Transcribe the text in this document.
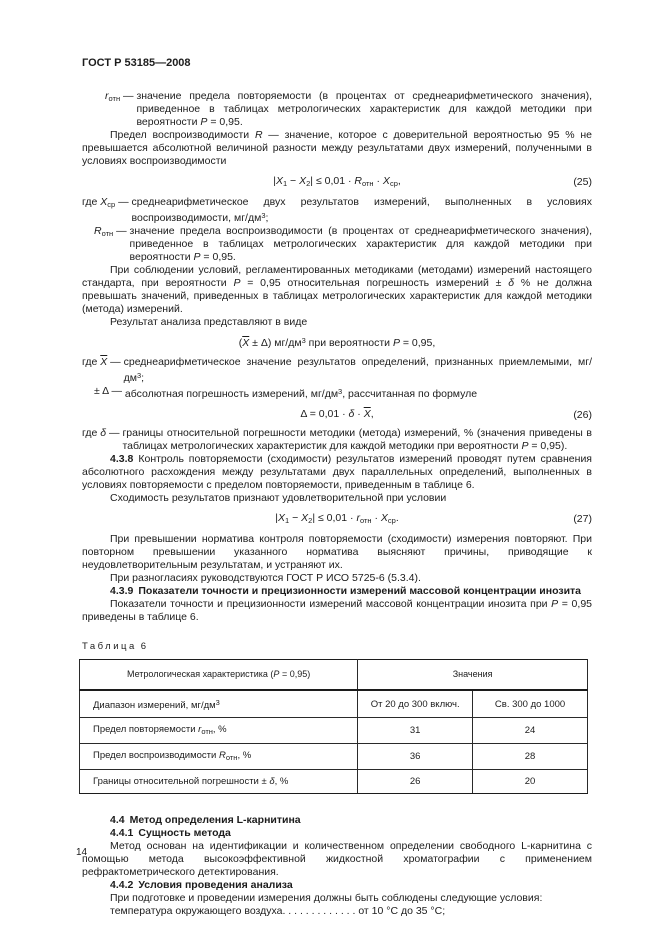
ГОСТ Р 53185—2008
rотн — значение предела повторяемости (в процентах от среднеарифметического значения), приведенное в таблицах метрологических характеристик для каждой методики при вероятности P = 0,95.

Предел воспроизводимости R — значение, которое с доверительной вероятностью 95 % не превышается абсолютной величиной разности между результатами двух измерений, полученными в условиях воспроизводимости

|X1 − X2| ≤ 0,01 · Rотн · Xср,	(25)
где Xср — среднеарифметическое двух результатов измерений, выполненных в условиях воспроизводимости, $мг/дм^3$;
Rотн — значение предела воспроизводимости (в процентах от среднеарифметического значения), приведенное в таблицах метрологических характеристик для каждой методики при вероятности P = 0,95.

При соблюдении условий, регламентированных методиками (методами) измерений настоящего стандарта, при вероятности P = 0,95 относительная погрешность измерений ± δ % не должна превышать значений, приведенных в таблицах метрологических характеристик для каждой методики (метода) измерений.

Результат анализа представляют в виде

$(\overline{X} \pm \Delta)$ $мг/дм^3$ при вероятности P = 0,95,
где $\overline{X}$ — среднеарифметическое значение результатов определений, признанных приемлемыми, $мг/дм^3$;
± Δ — абсолютная погрешность измерений, $мг/дм^3$, рассчитанная по формуле
$\Delta = 0,01 \cdot \delta \cdot \overline{X}$,	(26)
где δ — границы относительной погрешности методики (метода) измерений, % (значения приведены в таблицах метрологических характеристик для каждой методики при вероятности P = 0,95).

4.3.8 Контроль повторяемости (сходимости) результатов измерений проводят путем сравнения абсолютного расхождения между результатами двух параллельных определений, выполненных в условиях повторяемости с пределом повторяемости, приведенным в таблице 6.

Сходимость результатов признают удовлетворительной при условии

|X1 − X2| ≤ 0,01 · rотн · Xср.	(27)

При превышении норматива контроля повторяемости (сходимости) измерения повторяют. При повторном превышении указанного норматива выясняют причины, приводящие к неудовлетворительным результатам, и устраняют их.

При разногласиях руководствуются ГОСТ Р ИСО 5725-6 (5.3.4).

4.3.9 Показатели точности и прецизионности измерений массовой концентрации инозита

Показатели точности и прецизионности измерений массовой концентрации инозита при P = 0,95 приведены в таблице 6.

Таблица 6
Метрологическая характеристика (P = 0,95)	Значения	
Диапазон измерений, $мг/дм^3$	От 20 до 300 включ.	Св. 300 до 1000
Предел повторяемости $r_{отн}$, %	31	24
Предел воспроизводимости $R_{отн}$, %	36	28
Границы относительной погрешности ± δ, %	26	20

4.4 Метод определения L-карнитина

4.4.1 Сущность метода

Метод основан на идентификации и количественном определении свободного L-карнитина с помощью метода высокоэффективной жидкостной хроматографии с применением рефрактометрического детектирования.

4.4.2 Условия проведения анализа

При подготовке и проведении измерения должны быть соблюдены следующие условия:

температура окружающего воздуха. . . . . . . . . . . . . от 10 °С до 35 °С;

14
